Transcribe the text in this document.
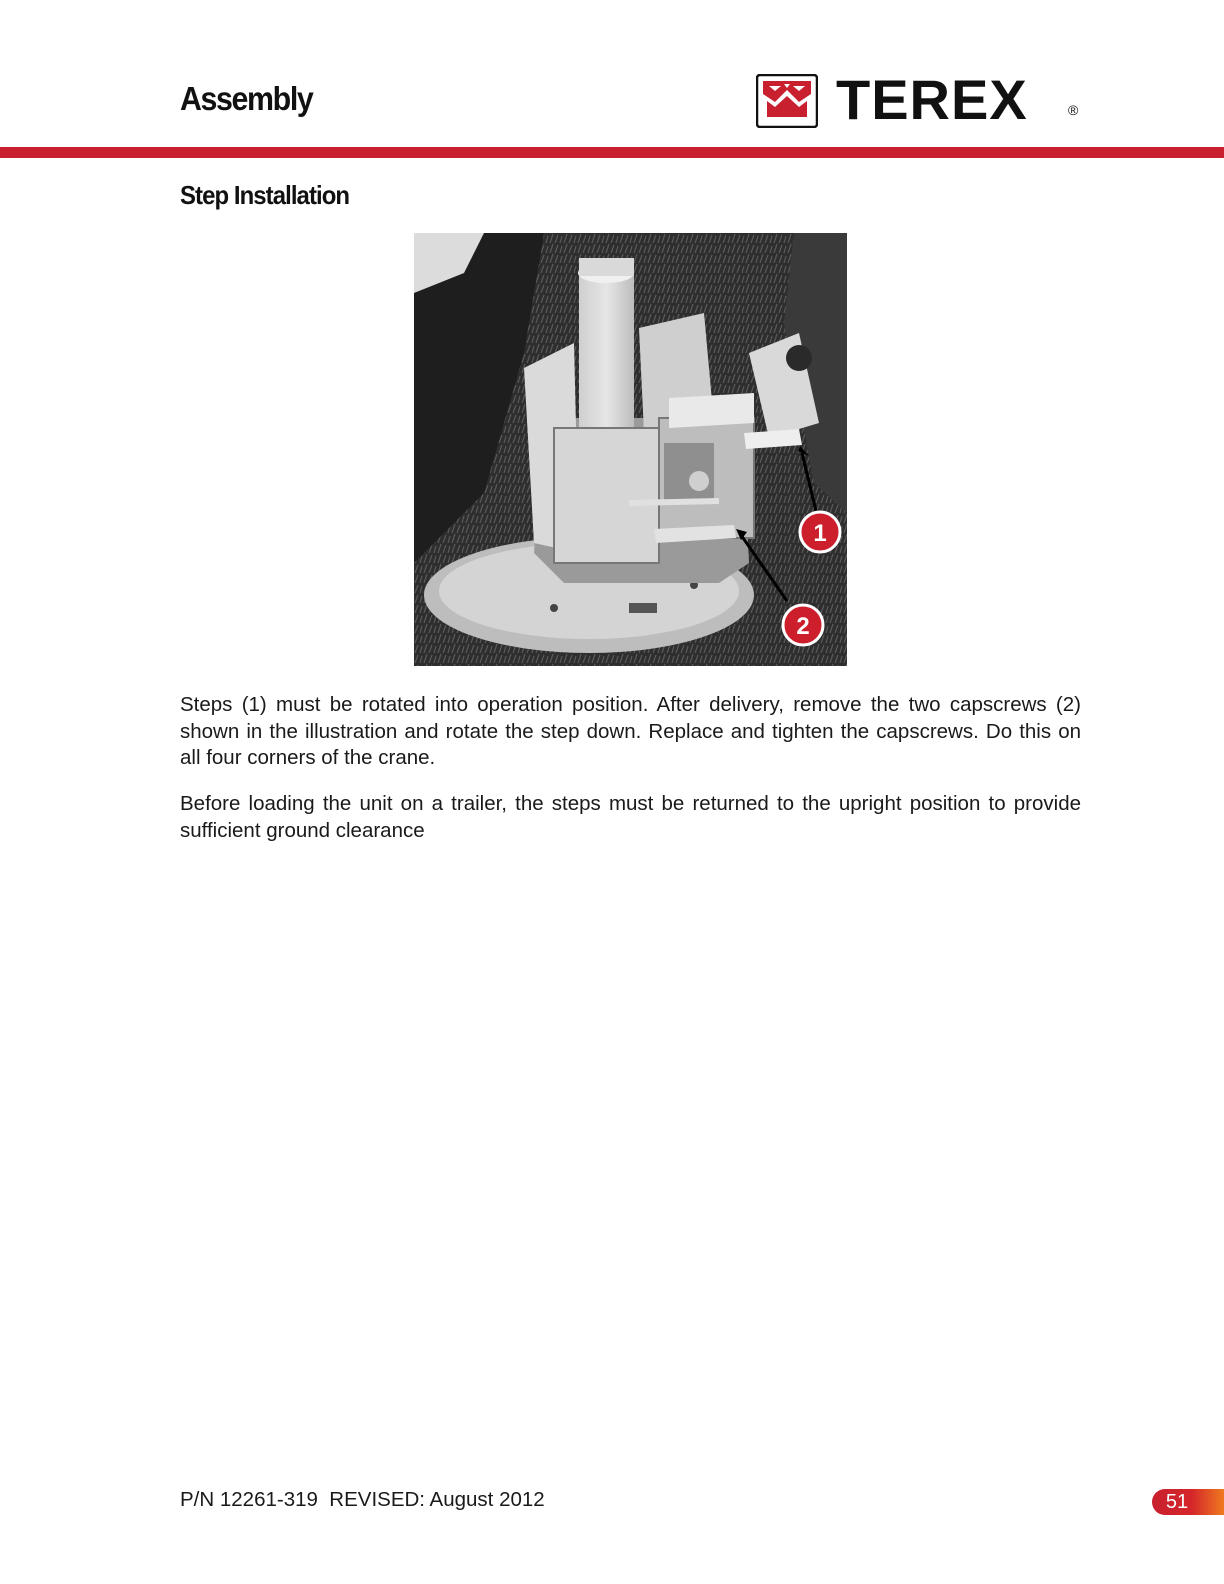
Assembly	TEREX	®
Step Installation
1
2

Steps (1) must be rotated into operation position. After delivery, remove the two capscrews (2) shown in the illustration and rotate the step down. Replace and tighten the capscrews. Do this on all four corners of the crane.

Before loading the unit on a trailer, the steps must be returned to the upright position to provide sufficient ground clearance

P/N 12261-319  REVISED: August 2012	51
